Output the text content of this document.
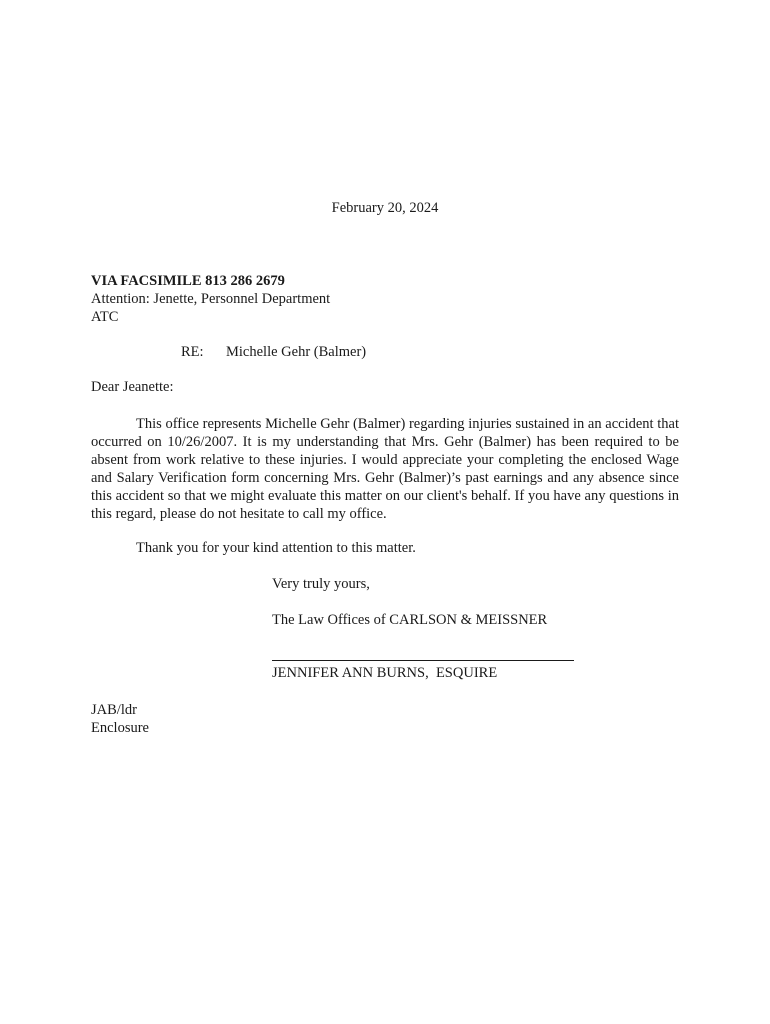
February 20, 2024
VIA FACSIMILE 813 286 2679
Attention: Jenette, Personnel Department
ATC
RE: Michelle Gehr (Balmer)
Dear Jeanette:

This office represents Michelle Gehr (Balmer) regarding injuries sustained in an accident that occurred on 10/26/2007. It is my understanding that Mrs. Gehr (Balmer) has been required to be absent from work relative to these injuries. I would appreciate your completing the enclosed Wage and Salary Verification form concerning Mrs. Gehr (Balmer)’s past earnings and any absence since this accident so that we might evaluate this matter on our client's behalf. If you have any questions in this regard, please do not hesitate to call my office.

Thank you for your kind attention to this matter.
Very truly yours,
The Law Offices of CARLSON & MEISSNER
JENNIFER ANN BURNS,  ESQUIRE
JAB/ldr
Enclosure
